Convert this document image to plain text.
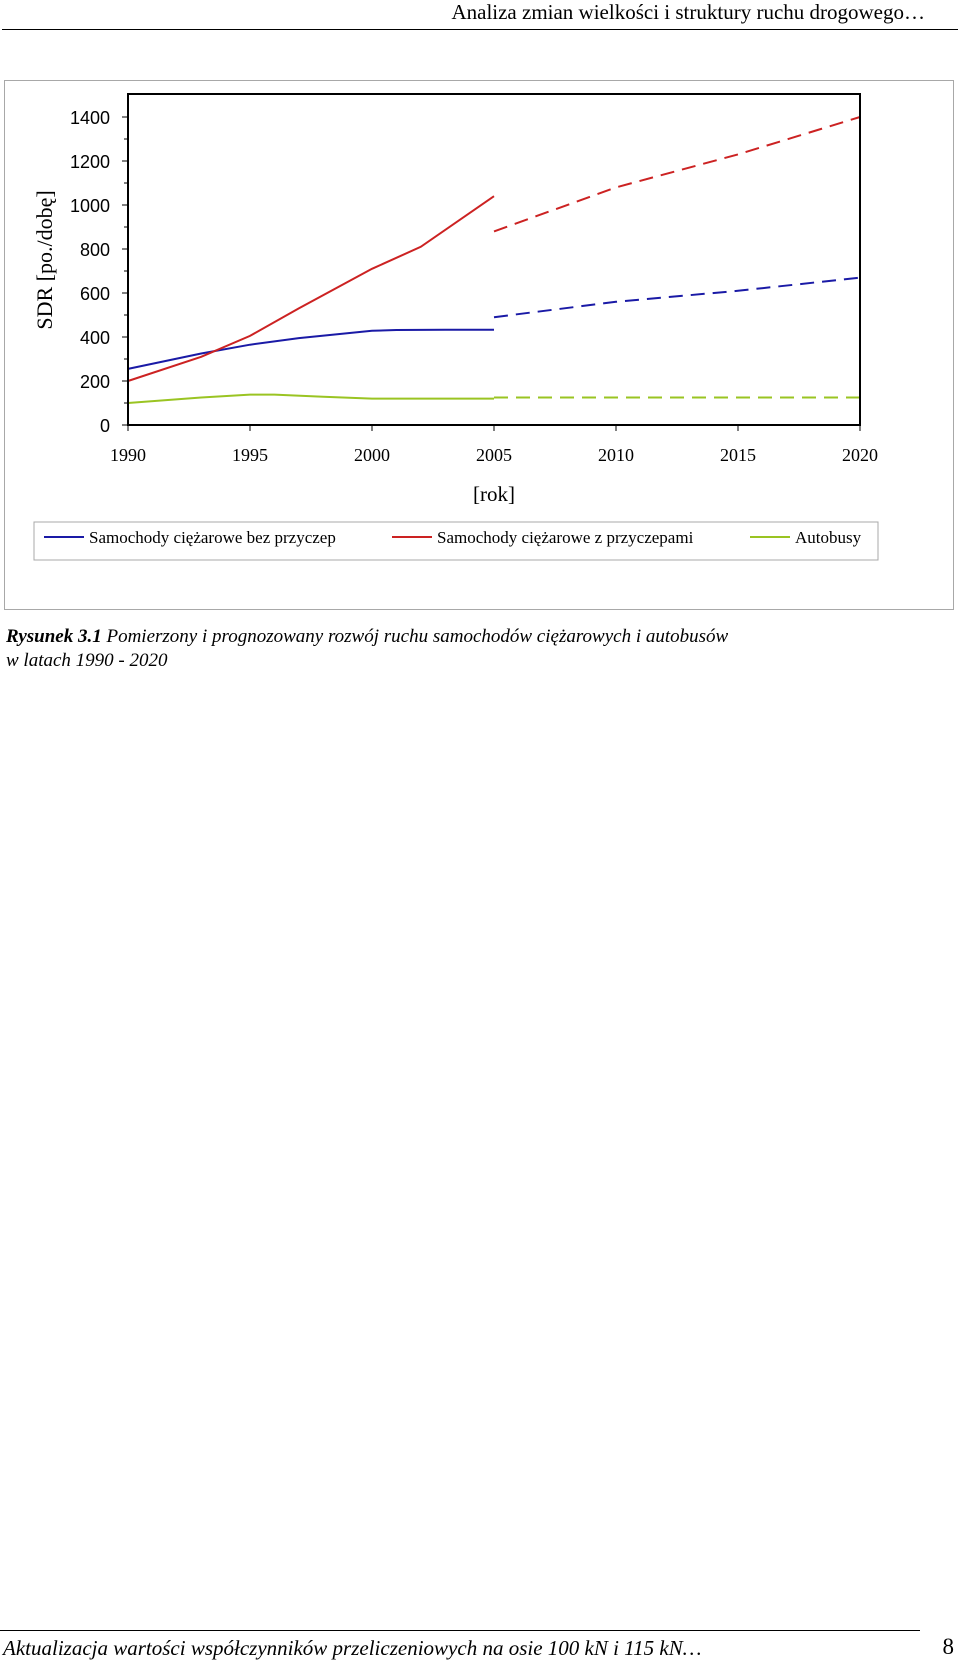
Analiza zmian wielkości i struktury ruchu drogowego…
0
200
400
600
800
1000
1200
1400
1990	1995	2000	2005	2010	2015	2020
SDR [po./dobę]
[rok]
Samochody ciężarowe bez przyczep	Samochody ciężarowe z przyczepami	Autobusy
Rysunek 3.1 Pomierzony i prognozowany rozwój ruchu samochodów ciężarowych i autobusów
w latach 1990 - 2020
Aktualizacja wartości współczynników przeliczeniowych na osie 100 kN i 115 kN…	8
